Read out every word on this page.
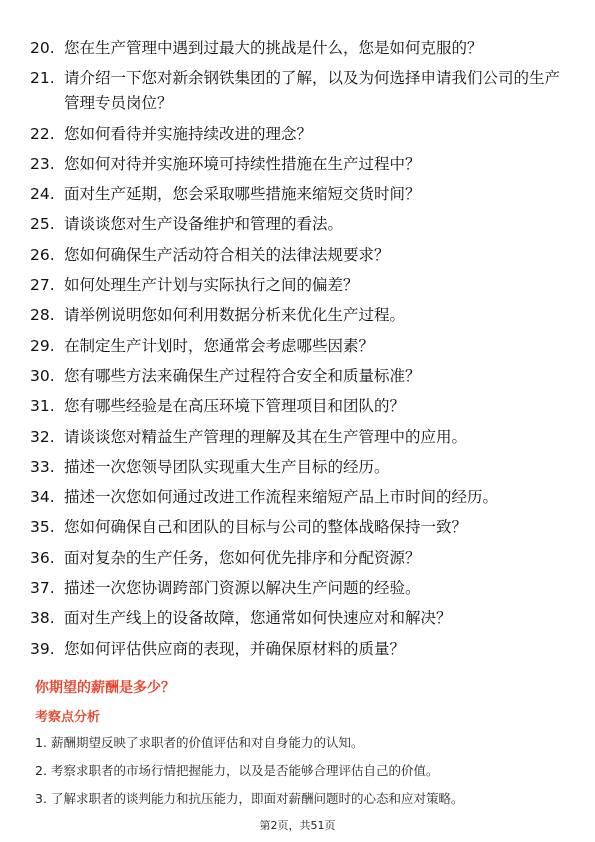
20. 您在生产管理中遇到过最大的挑战是什么，您是如何克服的？
21. 请介绍一下您对新余钢铁集团的了解，以及为何选择申请我们公司的生产管理专员岗位？
22. 您如何看待并实施持续改进的理念？
23. 您如何对待并实施环境可持续性措施在生产过程中？
24. 面对生产延期，您会采取哪些措施来缩短交货时间？
25. 请谈谈您对生产设备维护和管理的看法。
26. 您如何确保生产活动符合相关的法律法规要求？
27. 如何处理生产计划与实际执行之间的偏差？
28. 请举例说明您如何利用数据分析来优化生产过程。
29. 在制定生产计划时，您通常会考虑哪些因素？
30. 您有哪些方法来确保生产过程符合安全和质量标准？
31. 您有哪些经验是在高压环境下管理项目和团队的？
32. 请谈谈您对精益生产管理的理解及其在生产管理中的应用。
33. 描述一次您领导团队实现重大生产目标的经历。
34. 描述一次您如何通过改进工作流程来缩短产品上市时间的经历。
35. 您如何确保自己和团队的目标与公司的整体战略保持一致？
36. 面对复杂的生产任务，您如何优先排序和分配资源？
37. 描述一次您协调跨部门资源以解决生产问题的经验。
38. 面对生产线上的设备故障，您通常如何快速应对和解决？
39. 您如何评估供应商的表现，并确保原材料的质量？
你期望的薪酬是多少？
考察点分析
1. 薪酬期望反映了求职者的价值评估和对自身能力的认知。
2. 考察求职者的市场行情把握能力，以及是否能够合理评估自己的价值。
3. 了解求职者的谈判能力和抗压能力，即面对薪酬问题时的心态和应对策略。
第2页，共51页
